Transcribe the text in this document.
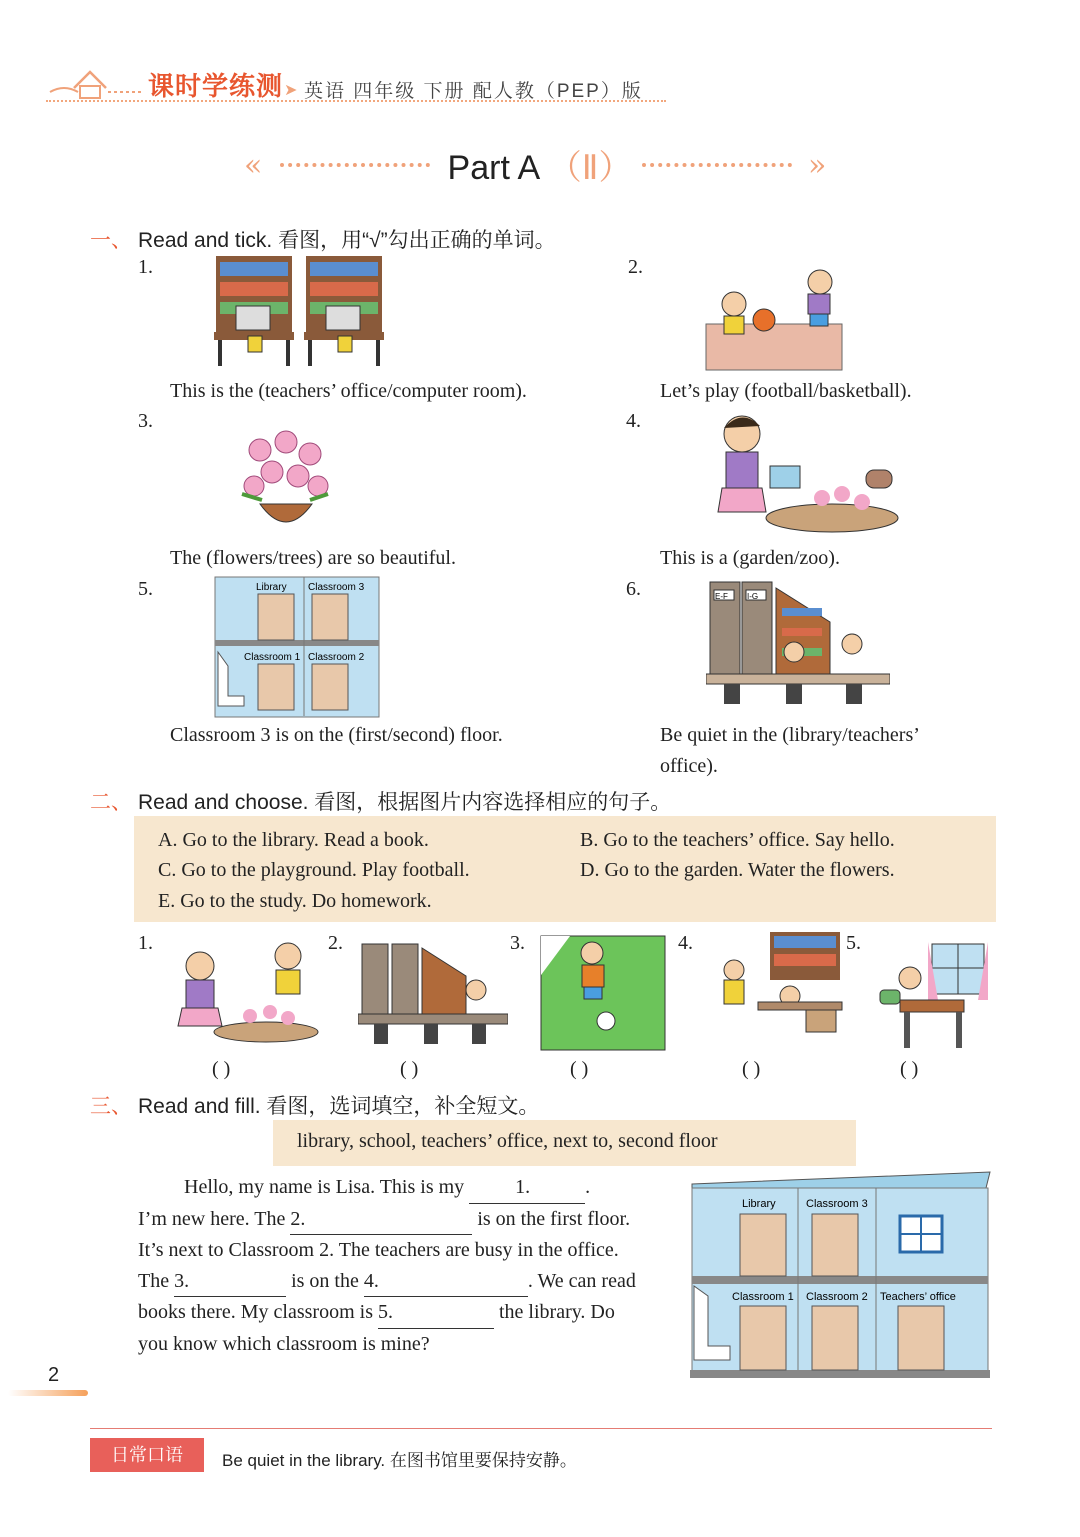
课时学练测 ➤ 英语 四年级 下册 配人教（PEP）版
«	Part A （Ⅱ）	»
一、 Read and tick. 看图，用“√”勾出正确的单词。
1.	2.
3.	4.
5.	6.
Library Classroom 3
Classroom 1 Classroom 2
E-F I-G
This is the (teachers’ office/computer room).	Let’s play (football/basketball).
The (flowers/trees) are so beautiful.	This is a (garden/zoo).
Classroom 3 is on the (first/second) floor.	Be quiet in the (library/teachers’
office).
二、 Read and choose. 看图，根据图片内容选择相应的句子。
A. Go to the library. Read a book.	B. Go to the teachers’ office. Say hello.
C. Go to the playground. Play football.	D. Go to the garden. Water the flowers.
E. Go to the study. Do homework.
1.	2.	3.	4.	5.
( )	( )	( )	( )	( )
三、 Read and fill. 看图，选词填空，补全短文。
library, school, teachers’ office, next to, second floor
Hello, my name is Lisa. This is my 1.	.
I’m new here. The 2.	is on the first floor.
It’s next to Classroom 2. The teachers are busy in the office.
The 3.	is on the 4.	. We can read
books there. My classroom is 5.	the library. Do
you know which classroom is mine?
Library	Classroom 3
Classroom 1 Classroom 2 Teachers’ office
2
日常口语	Be quiet in the library. 在图书馆里要保持安静。
